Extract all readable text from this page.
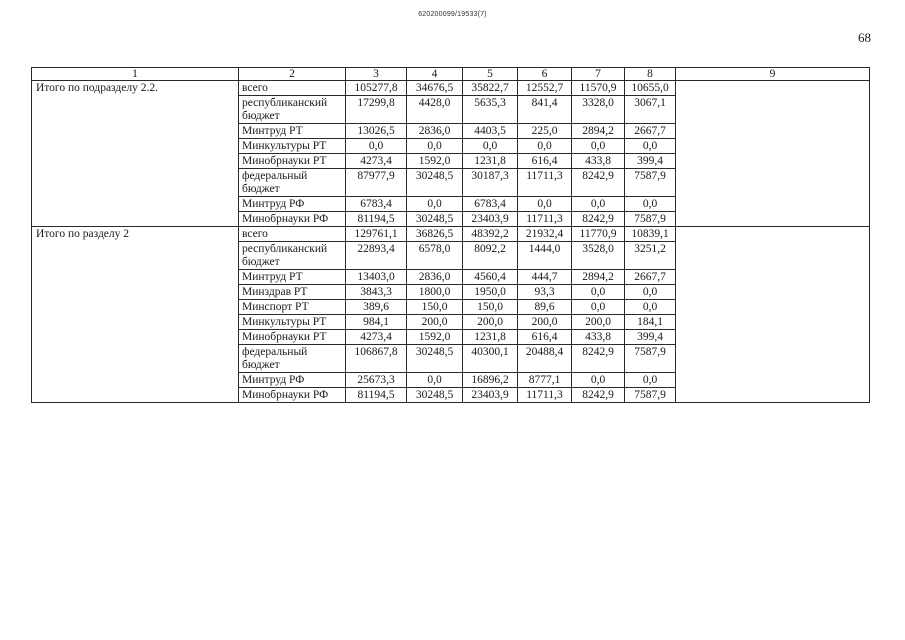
620200099/19533(7)
68
1	2	3	4	5	6	7	8	9
Итого по подразделу 2.2.	всего	105277,8	34676,5	35822,7	12552,7	11570,9	10655,0	
	республиканский бюджет	17299,8	4428,0	5635,3	841,4	3328,0	3067,1	
	Минтруд РТ	13026,5	2836,0	4403,5	225,0	2894,2	2667,7	
	Минкультуры РТ	0,0	0,0	0,0	0,0	0,0	0,0	
	Минобрнауки РТ	4273,4	1592,0	1231,8	616,4	433,8	399,4	
	федеральный бюджет	87977,9	30248,5	30187,3	11711,3	8242,9	7587,9	
	Минтруд РФ	6783,4	0,0	6783,4	0,0	0,0	0,0	
	Минобрнауки РФ	81194,5	30248,5	23403,9	11711,3	8242,9	7587,9	
Итого по разделу 2	всего	129761,1	36826,5	48392,2	21932,4	11770,9	10839,1	
	республиканский бюджет	22893,4	6578,0	8092,2	1444,0	3528,0	3251,2	
	Минтруд РТ	13403,0	2836,0	4560,4	444,7	2894,2	2667,7	
	Минздрав РТ	3843,3	1800,0	1950,0	93,3	0,0	0,0	
	Минспорт РТ	389,6	150,0	150,0	89,6	0,0	0,0	
	Минкультуры РТ	984,1	200,0	200,0	200,0	200,0	184,1	
	Минобрнауки РТ	4273,4	1592,0	1231,8	616,4	433,8	399,4	
	федеральный бюджет	106867,8	30248,5	40300,1	20488,4	8242,9	7587,9	
	Минтруд РФ	25673,3	0,0	16896,2	8777,1	0,0	0,0	
	Минобрнауки РФ	81194,5	30248,5	23403,9	11711,3	8242,9	7587,9	
